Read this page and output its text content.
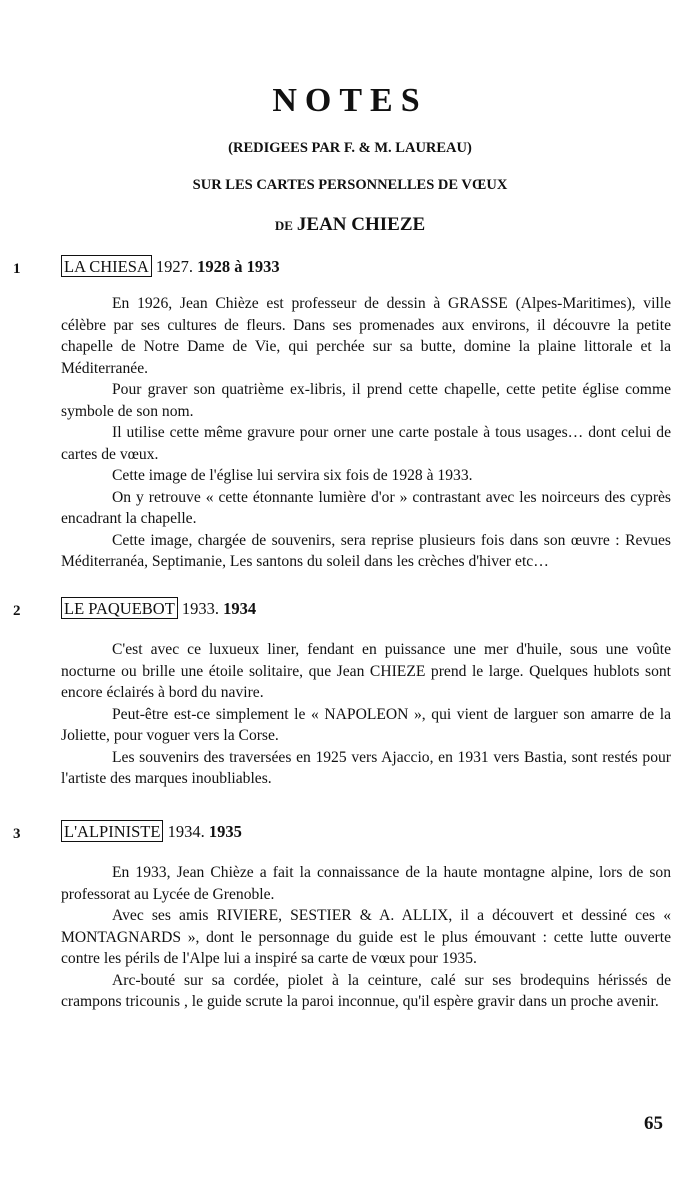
NOTES
(REDIGEES PAR F. & M. LAUREAU)
SUR LES CARTES PERSONNELLES DE VŒUX
DE JEAN CHIEZE
1	LA CHIESA 1927. 1928 à 1933

En 1926, Jean Chièze est professeur de dessin à GRASSE (Alpes-Maritimes), ville célèbre par ses cultures de fleurs. Dans ses promenades aux environs, il découvre la petite chapelle de Notre Dame de Vie, qui perchée sur sa butte, domine la plaine littorale et la Méditerranée.

Pour graver son quatrième ex-libris, il prend cette chapelle, cette petite église comme symbole de son nom.

Il utilise cette même gravure pour orner une carte postale à tous usages… dont celui de cartes de vœux.

Cette image de l'église lui servira six fois de 1928 à 1933.

On y retrouve « cette étonnante lumière d'or » contrastant avec les noirceurs des cyprès encadrant la chapelle.

Cette image, chargée de souvenirs, sera reprise plusieurs fois dans son œuvre : Revues Méditerranéa, Septimanie, Les santons du soleil dans les crèches d'hiver etc…

2	LE PAQUEBOT 1933. 1934

C'est avec ce luxueux liner, fendant en puissance une mer d'huile, sous une voûte nocturne ou brille une étoile solitaire, que Jean CHIEZE prend le large. Quelques hublots sont encore éclairés à bord du navire.

Peut-être est-ce simplement le « NAPOLEON », qui vient de larguer son amarre de la Joliette, pour voguer vers la Corse.

Les souvenirs des traversées en 1925 vers Ajaccio, en 1931 vers Bastia, sont restés pour l'artiste des marques inoubliables.

3	L'ALPINISTE 1934. 1935

En 1933, Jean Chièze a fait la connaissance de la haute montagne alpine, lors de son professorat au Lycée de Grenoble.

Avec ses amis RIVIERE, SESTIER & A. ALLIX, il a découvert et dessiné ces « MONTAGNARDS », dont le personnage du guide est le plus émouvant : cette lutte ouverte contre les périls de l'Alpe lui a inspiré sa carte de vœux pour 1935.

Arc-bouté sur sa cordée, piolet à la ceinture, calé sur ses brodequins hérissés de crampons tricounis , le guide scrute la paroi inconnue, qu'il espère gravir dans un proche avenir.

65
